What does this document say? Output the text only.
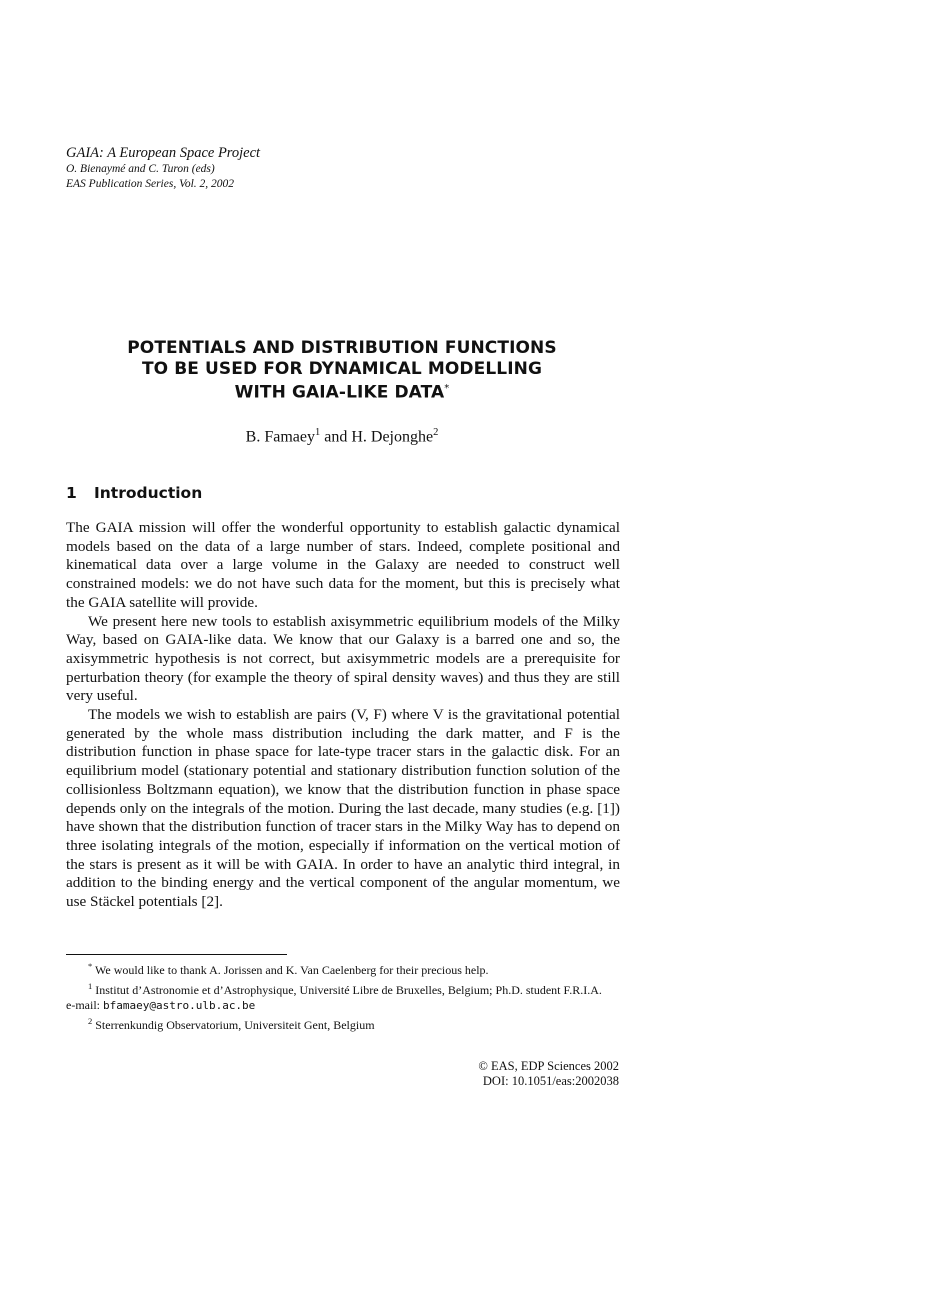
GAIA: A European Space Project
O. Bienaymé and C. Turon (eds)
EAS Publication Series, Vol. 2, 2002
POTENTIALS AND DISTRIBUTION FUNCTIONS
TO BE USED FOR DYNAMICAL MODELLING
WITH GAIA-LIKE DATA*
B. Famaey$^1$ and H. Dejonghe$^2$
1 Introduction

The GAIA mission will offer the wonderful opportunity to establish galactic dynamical models based on the data of a large number of stars. Indeed, complete positional and kinematical data over a large volume in the Galaxy are needed to construct well constrained models: we do not have such data for the moment, but this is precisely what the GAIA satellite will provide.

We present here new tools to establish axisymmetric equilibrium models of the Milky Way, based on GAIA-like data. We know that our Galaxy is a barred one and so, the axisymmetric hypothesis is not correct, but axisymmetric models are a prerequisite for perturbation theory (for example the theory of spiral density waves) and thus they are still very useful.

The models we wish to establish are pairs (V, F) where V is the gravitational potential generated by the whole mass distribution including the dark matter, and F is the distribution function in phase space for late-type tracer stars in the galactic disk. For an equilibrium model (stationary potential and stationary distribution function solution of the collisionless Boltzmann equation), we know that the distribution function in phase space depends only on the integrals of the motion. During the last decade, many studies (e.g. [1]) have shown that the distribution function of tracer stars in the Milky Way has to depend on three isolating integrals of the motion, especially if information on the vertical motion of the stars is present as it will be with GAIA. In order to have an analytic third integral, in addition to the binding energy and the vertical component of the angular momentum, we use Stäckel potentials [2].

* We would like to thank A. Jorissen and K. Van Caelenberg for their precious help.
$^1$ Institut d’Astronomie et d’Astrophysique, Université Libre de Bruxelles, Belgium; Ph.D. student F.R.I.A.
e-mail: bfamaey@astro.ulb.ac.be
$^2$ Sterrenkundig Observatorium, Universiteit Gent, Belgium
© EAS, EDP Sciences 2002
DOI: 10.1051/eas:2002038
